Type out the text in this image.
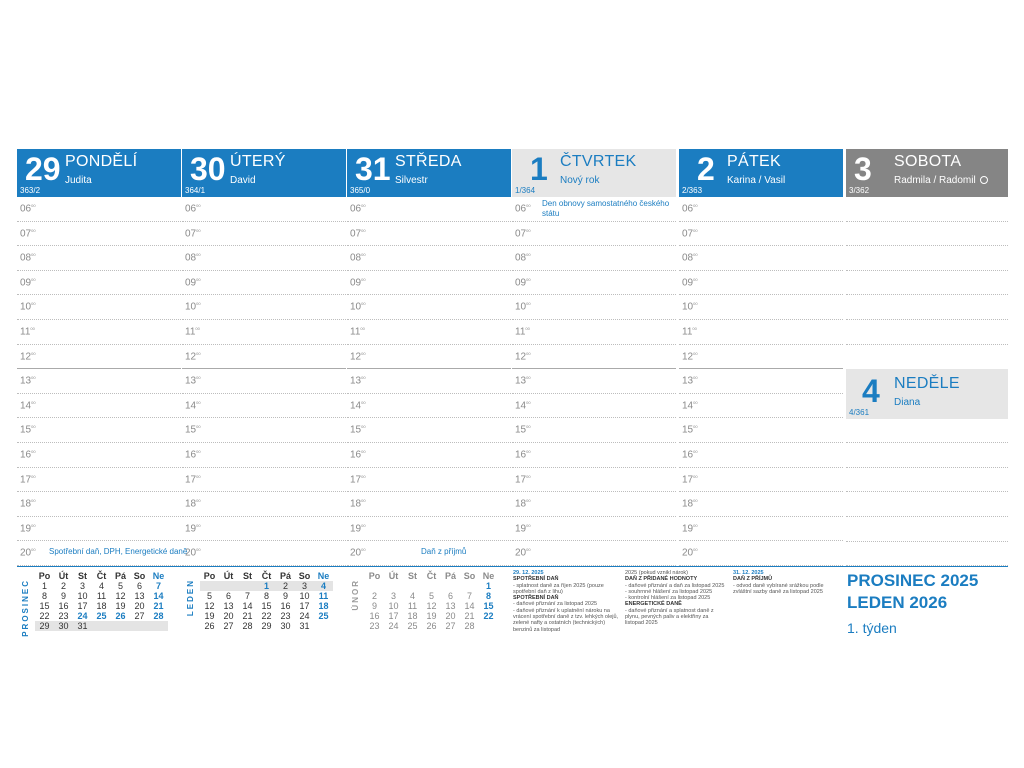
29 PONDĚLÍ
Judita
363/2
$06^{00}$
$07^{00}$
$08^{00}$
$09^{00}$
$10^{00}$
$11^{00}$
$12^{00}$
$13^{00}$
$14^{00}$
$15^{00}$
$16^{00}$
$17^{00}$
$18^{00}$
$19^{00}$
$20^{00}$ Spotřební daň, DPH, Energetické daně
30 ÚTERÝ
David
364/1
$06^{00}$
$07^{00}$
$08^{00}$
$09^{00}$
$10^{00}$
$11^{00}$
$12^{00}$
$13^{00}$
$14^{00}$
$15^{00}$
$16^{00}$
$17^{00}$
$18^{00}$
$19^{00}$
$20^{00}$
31 STŘEDA
Silvestr
365/0
$06^{00}$
$07^{00}$
$08^{00}$
$09^{00}$
$10^{00}$
$11^{00}$
$12^{00}$
$13^{00}$
$14^{00}$
$15^{00}$
$16^{00}$
$17^{00}$
$18^{00}$
$19^{00}$
$20^{00}$	Daň z příjmů
1 ČTVRTEK
Nový rok
1/364
$06^{00}$ Den obnovy samostatného českého státu
$07^{00}$
$08^{00}$
$09^{00}$
$10^{00}$
$11^{00}$
$12^{00}$
$13^{00}$
$14^{00}$
$15^{00}$
$16^{00}$
$17^{00}$
$18^{00}$
$19^{00}$
$20^{00}$
2 PÁTEK
Karina / Vasil
2/363
$06^{00}$
$07^{00}$
$08^{00}$
$09^{00}$
$10^{00}$
$11^{00}$
$12^{00}$
$13^{00}$
$14^{00}$
$15^{00}$
$16^{00}$
$17^{00}$
$18^{00}$
$19^{00}$
$20^{00}$
3 SOBOTA
Radmila / Radomil
3/362
4 NEDĚLE
Diana
4/361
PROSINEC
Po	Út	St	Čt	Pá	So	Ne
1	2	3	4	5	6	7
8	9	10	11	12	13	14
15	16	17	18	19	20	21
22	23	24	25	26	27	28
29	30	31				
LEDEN
Po	Út	St	Čt	Pá	So	Ne
			1	2	3	4
5	6	7	8	9	10	11
12	13	14	15	16	17	18
19	20	21	22	23	24	25
26	27	28	29	30	31	
ÚNOR
Po	Út	St	Čt	Pá	So	Ne
						1
2	3	4	5	6	7	8
9	10	11	12	13	14	15
16	17	18	19	20	21	22
23	24	25	26	27	28	
29. 12. 2025
SPOTŘEBNÍ DAŇ
- splatnost daně za říjen 2025 (pouze spotřební daň z lihu)
SPOTŘEBNÍ DAŇ
- daňové přiznání za listopad 2025
- daňové přiznání k uplatnění nároku na vrácení spotřební daně z tzv. lehkých olejů, zelené nafty a ostatních (technických) benzinů za listopad
2025 (pokud vznikl nárok)
DAŇ Z PŘIDANÉ HODNOTY
- daňové přiznání a daň za listopad 2025
- souhrnné hlášení za listopad 2025
- kontrolní hlášení za listopad 2025
ENERGETICKÉ DANĚ
- daňové přiznání a splatnost daně z plynu, pevných paliv a elektřiny za listopad 2025
31. 12. 2025
DAŇ Z PŘÍJMŮ
- odvod daně vybírané srážkou podle zvláštní sazby daně za listopad 2025
PROSINEC 2025
LEDEN 2026
1. týden
